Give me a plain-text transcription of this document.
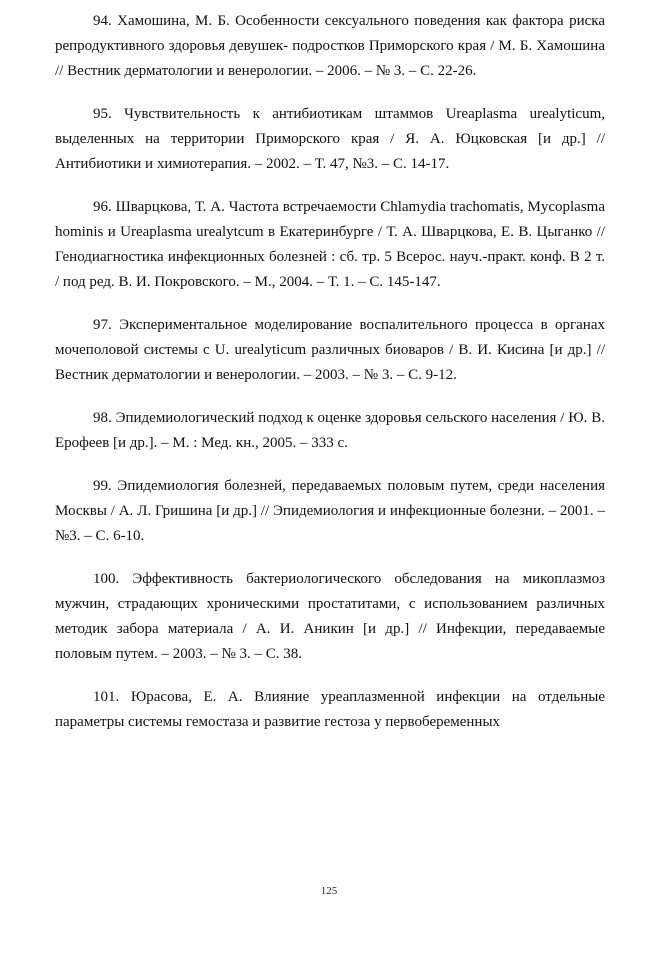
94. Хамошина, М. Б. Особенности сексуального поведения как фактора риска репродуктивного здоровья девушек- подростков Приморского края / М. Б. Хамошина // Вестник дерматологии и венерологии. – 2006. – № 3. – С. 22-26.

95. Чувствительность к антибиотикам штаммов Ureaplasma urealyticum, выделенных на территории Приморского края / Я. А. Юцковская [и др.] // Антибиотики и химиотерапия. – 2002. – Т. 47, №3. – С. 14-17.

96. Шварцкова, Т. А. Частота встречаемости Chlamydia trachomatis, Mycoplasma hominis и Ureaplasma urealytcum в Екатеринбурге / Т. А. Шварцкова, Е. В. Цыганко // Генодиагностика инфекционных болезней : сб. тр. 5 Всерос. науч.-практ. конф. В 2 т. / под ред. В. И. Покровского. – М., 2004. – Т. 1. – С. 145-147.

97. Экспериментальное моделирование воспалительного процесса в органах мочеполовой системы с U. urealyticum различных биоваров / В. И. Кисина [и др.] // Вестник дерматологии и венерологии. – 2003. – № 3. – С. 9-12.

98. Эпидемиологический подход к оценке здоровья сельского населения / Ю. В. Ерофеев [и др.]. – М. : Мед. кн., 2005. – 333 с.

99. Эпидемиология болезней, передаваемых половым путем, среди населения Москвы / А. Л. Гришина [и др.] // Эпидемиология и инфекционные болезни. – 2001. – №3. – С. 6-10.

100. Эффективность бактериологического обследования на микоплазмоз мужчин, страдающих хроническими простатитами, с использованием различных методик забора материала / А. И. Аникин [и др.] // Инфекции, передаваемые половым путем. – 2003. – № 3. – С. 38.

101. Юрасова, Е. А. Влияние уреаплазменной инфекции на отдельные параметры системы гемостаза и развитие гестоза у первобеременных

125
